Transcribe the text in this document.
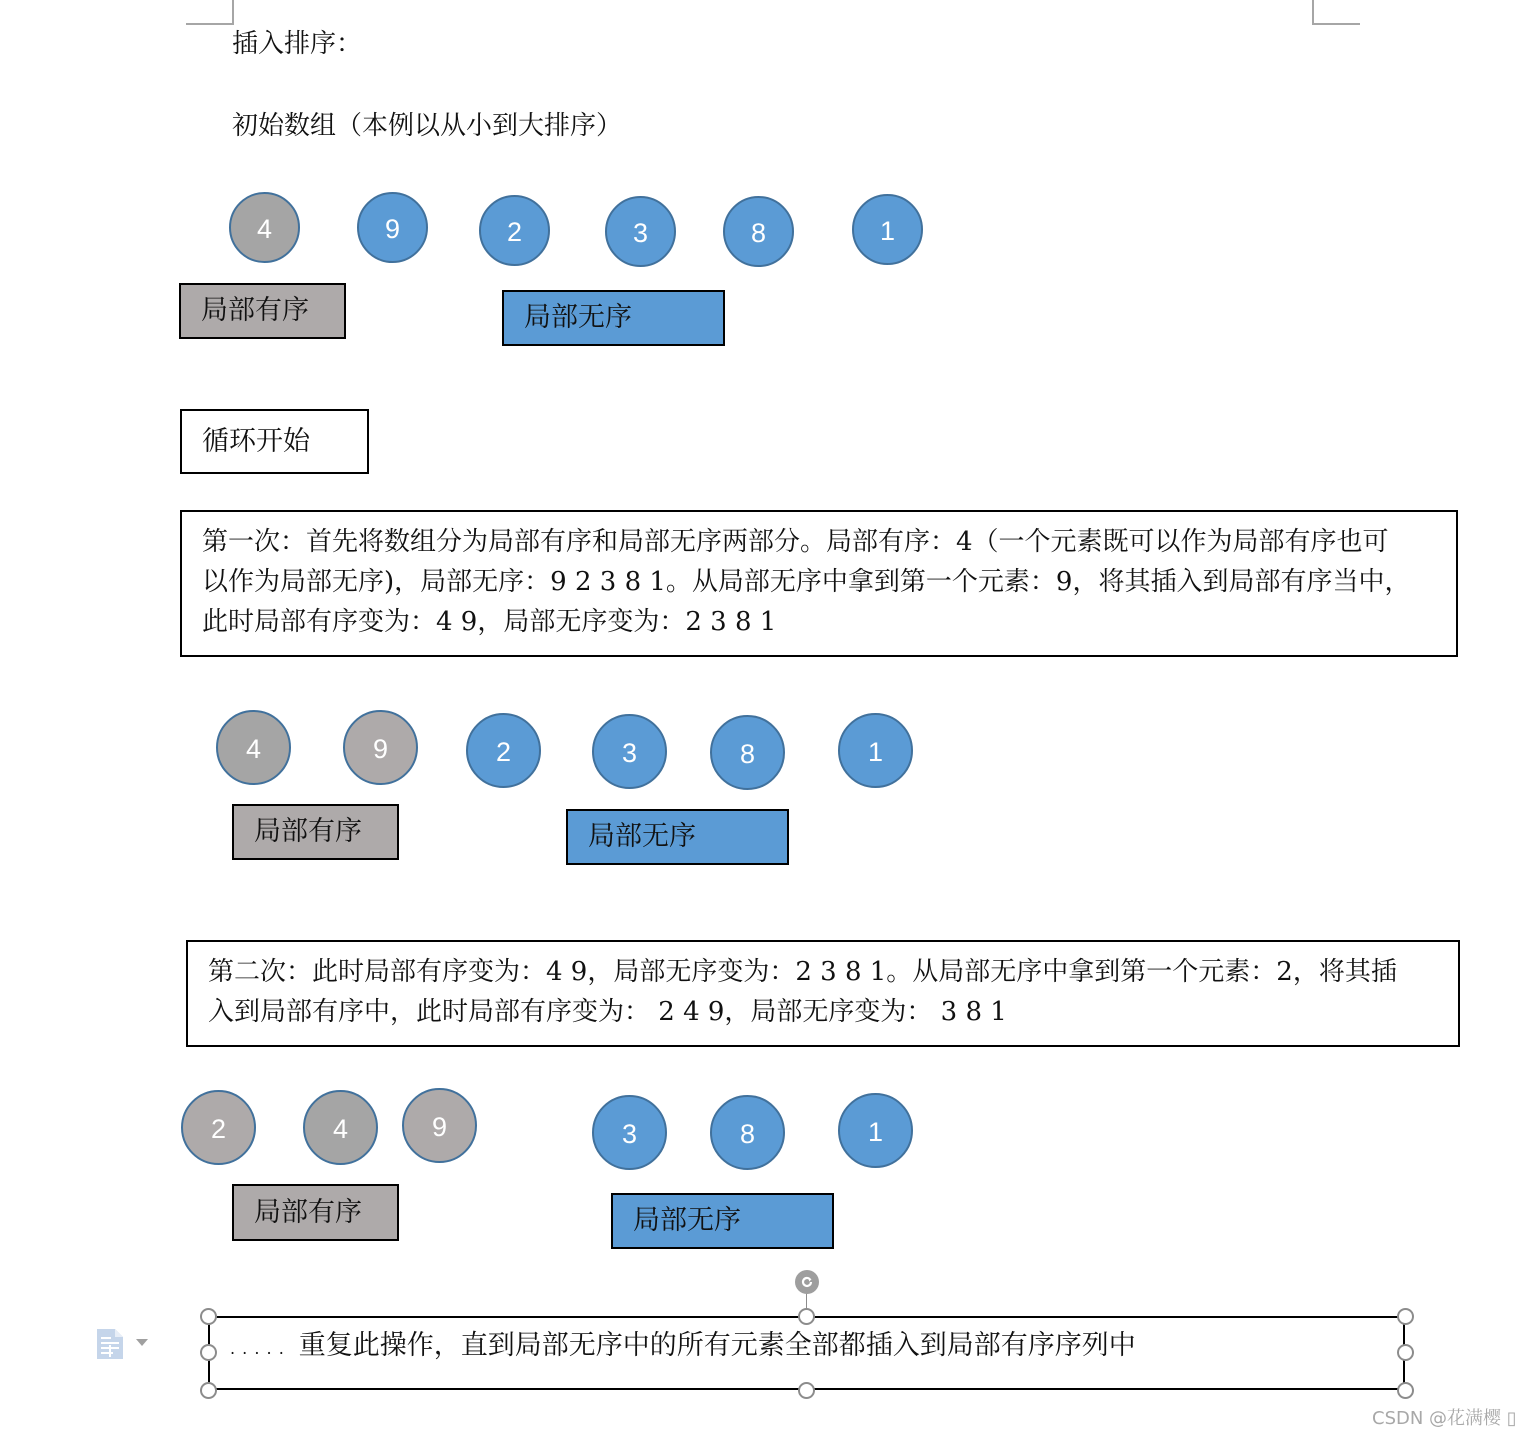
插入排序：
初始数组（本例以从小到大排序）
4	9	2	3	8	1
局部有序	局部无序
循环开始
第一次：首先将数组分为局部有序和局部无序两部分。局部有序：4（一个元素既可以作为局部有序也可
以作为局部无序)，局部无序：9 2 3 8 1。从局部无序中拿到第一个元素：9，将其插入到局部有序当中，
此时局部有序变为：4 9，局部无序变为：2 3 8 1
4	9	2	3	8	1
局部有序	局部无序
第二次：此时局部有序变为：4 9，局部无序变为：2 3 8 1。从局部无序中拿到第一个元素：2，将其插
入到局部有序中，此时局部有序变为： 2 4 9，局部无序变为： 3 8 1
2	4	9	3	8	1
局部有序	局部无序
. . . . . 重复此操作，直到局部无序中的所有元素全部都插入到局部有序序列中
CSDN @花满樱 ▯
